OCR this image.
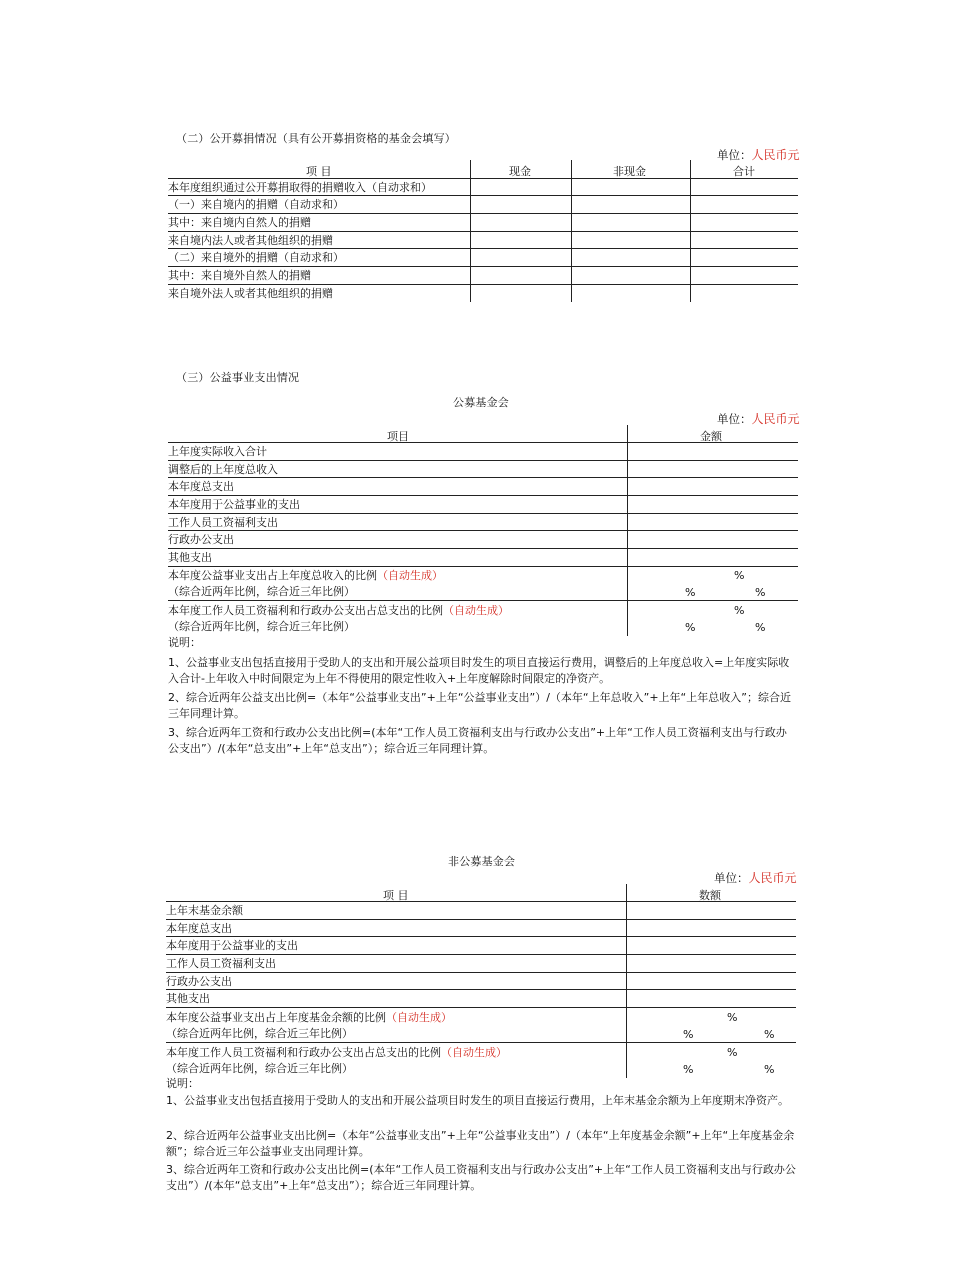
（二）公开募捐情况（具有公开募捐资格的基金会填写）
单位：人民币元
项 目	现金	非现金	合计
本年度组织通过公开募捐取得的捐赠收入（自动求和）
（一）来自境内的捐赠（自动求和）
其中：来自境内自然人的捐赠
来自境内法人或者其他组织的捐赠
（二）来自境外的捐赠（自动求和）
其中：来自境外自然人的捐赠
来自境外法人或者其他组织的捐赠
（三）公益事业支出情况
公募基金会
单位：人民币元
项目	金额
上年度实际收入合计
调整后的上年度总收入
本年度总支出
本年度用于公益事业的支出
工作人员工资福利支出
行政办公支出
其他支出
本年度公益事业支出占上年度总收入的比例（自动生成）
（综合近两年比例，综合近三年比例）
%
%	%
本年度工作人员工资福利和行政办公支出占总支出的比例（自动生成）
（综合近两年比例，综合近三年比例）
%
%	%
说明：
1、公益事业支出包括直接用于受助人的支出和开展公益项目时发生的项目直接运行费用，调整后的上年度总收入=上年度实际收入合计-上年收入中时间限定为上年不得使用的限定性收入+上年度解除时间限定的净资产。
2、综合近两年公益支出比例=（本年“公益事业支出”+上年“公益事业支出”）/（本年“上年总收入”+上年“上年总收入”；综合近三年同理计算。
3、综合近两年工资和行政办公支出比例=(本年“工作人员工资福利支出与行政办公支出”+上年“工作人员工资福利支出与行政办公支出”）/(本年“总支出”+上年“总支出”）；综合近三年同理计算。
非公募基金会
单位：人民币元
项 目	数额
上年末基金余额
本年度总支出
本年度用于公益事业的支出
工作人员工资福利支出
行政办公支出
其他支出
本年度公益事业支出占上年度基金余额的比例（自动生成）
（综合近两年比例，综合近三年比例）
%
%	%
本年度工作人员工资福利和行政办公支出占总支出的比例（自动生成）
（综合近两年比例，综合近三年比例）
%
%	%
说明：
1、公益事业支出包括直接用于受助人的支出和开展公益项目时发生的项目直接运行费用，上年末基金余额为上年度期末净资产。
2、综合近两年公益事业支出比例=（本年“公益事业支出”+上年“公益事业支出”）/（本年“上年度基金余额”+上年“上年度基金余额”；综合近三年公益事业支出同理计算。
3、综合近两年工资和行政办公支出比例=(本年“工作人员工资福利支出与行政办公支出”+上年“工作人员工资福利支出与行政办公支出”）/(本年“总支出”+上年“总支出”）；综合近三年同理计算。
